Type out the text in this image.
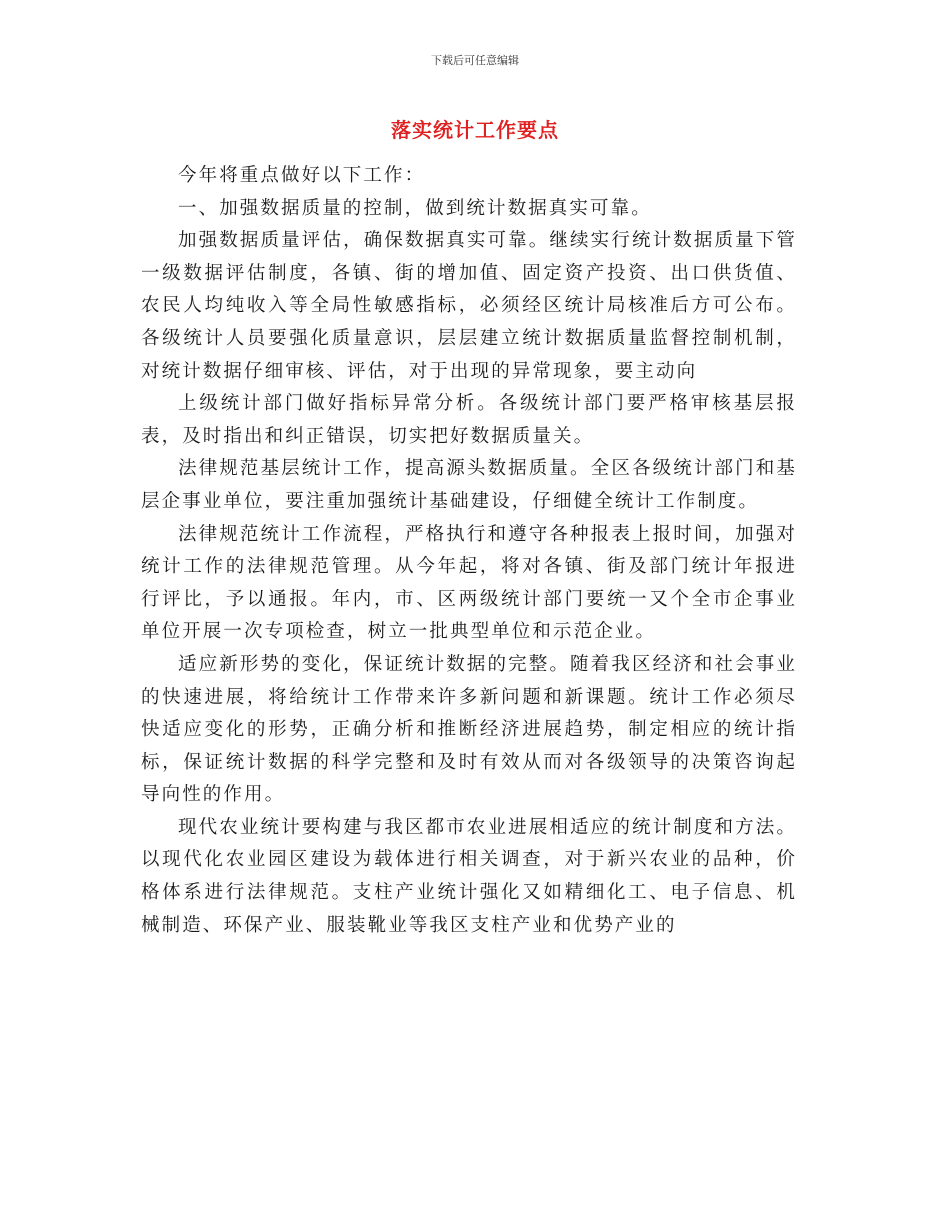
下载后可任意编辑
落实统计工作要点

今年将重点做好以下工作：

一、加强数据质量的控制，做到统计数据真实可靠。

加强数据质量评估，确保数据真实可靠。继续实行统计数据质量下管一级数据评估制度，各镇、街的增加值、固定资产投资、出口供货值、农民人均纯收入等全局性敏感指标，必须经区统计局核准后方可公布。各级统计人员要强化质量意识，层层建立统计数据质量监督控制机制，对统计数据仔细审核、评估，对于出现的异常现象，要主动向

上级统计部门做好指标异常分析。各级统计部门要严格审核基层报表，及时指出和纠正错误，切实把好数据质量关。

法律规范基层统计工作，提高源头数据质量。全区各级统计部门和基层企事业单位，要注重加强统计基础建设，仔细健全统计工作制度。

法律规范统计工作流程，严格执行和遵守各种报表上报时间，加强对统计工作的法律规范管理。从今年起，将对各镇、街及部门统计年报进行评比，予以通报。年内，市、区两级统计部门要统一又个全市企事业单位开展一次专项检查，树立一批典型单位和示范企业。

适应新形势的变化，保证统计数据的完整。随着我区经济和社会事业的快速进展，将给统计工作带来许多新问题和新课题。统计工作必须尽快适应变化的形势，正确分析和推断经济进展趋势，制定相应的统计指标，保证统计数据的科学完整和及时有效从而对各级领导的决策咨询起导向性的作用。

现代农业统计要构建与我区都市农业进展相适应的统计制度和方法。以现代化农业园区建设为载体进行相关调查，对于新兴农业的品种，价格体系进行法律规范。支柱产业统计强化又如精细化工、电子信息、机械制造、环保产业、服装靴业等我区支柱产业和优势产业的
